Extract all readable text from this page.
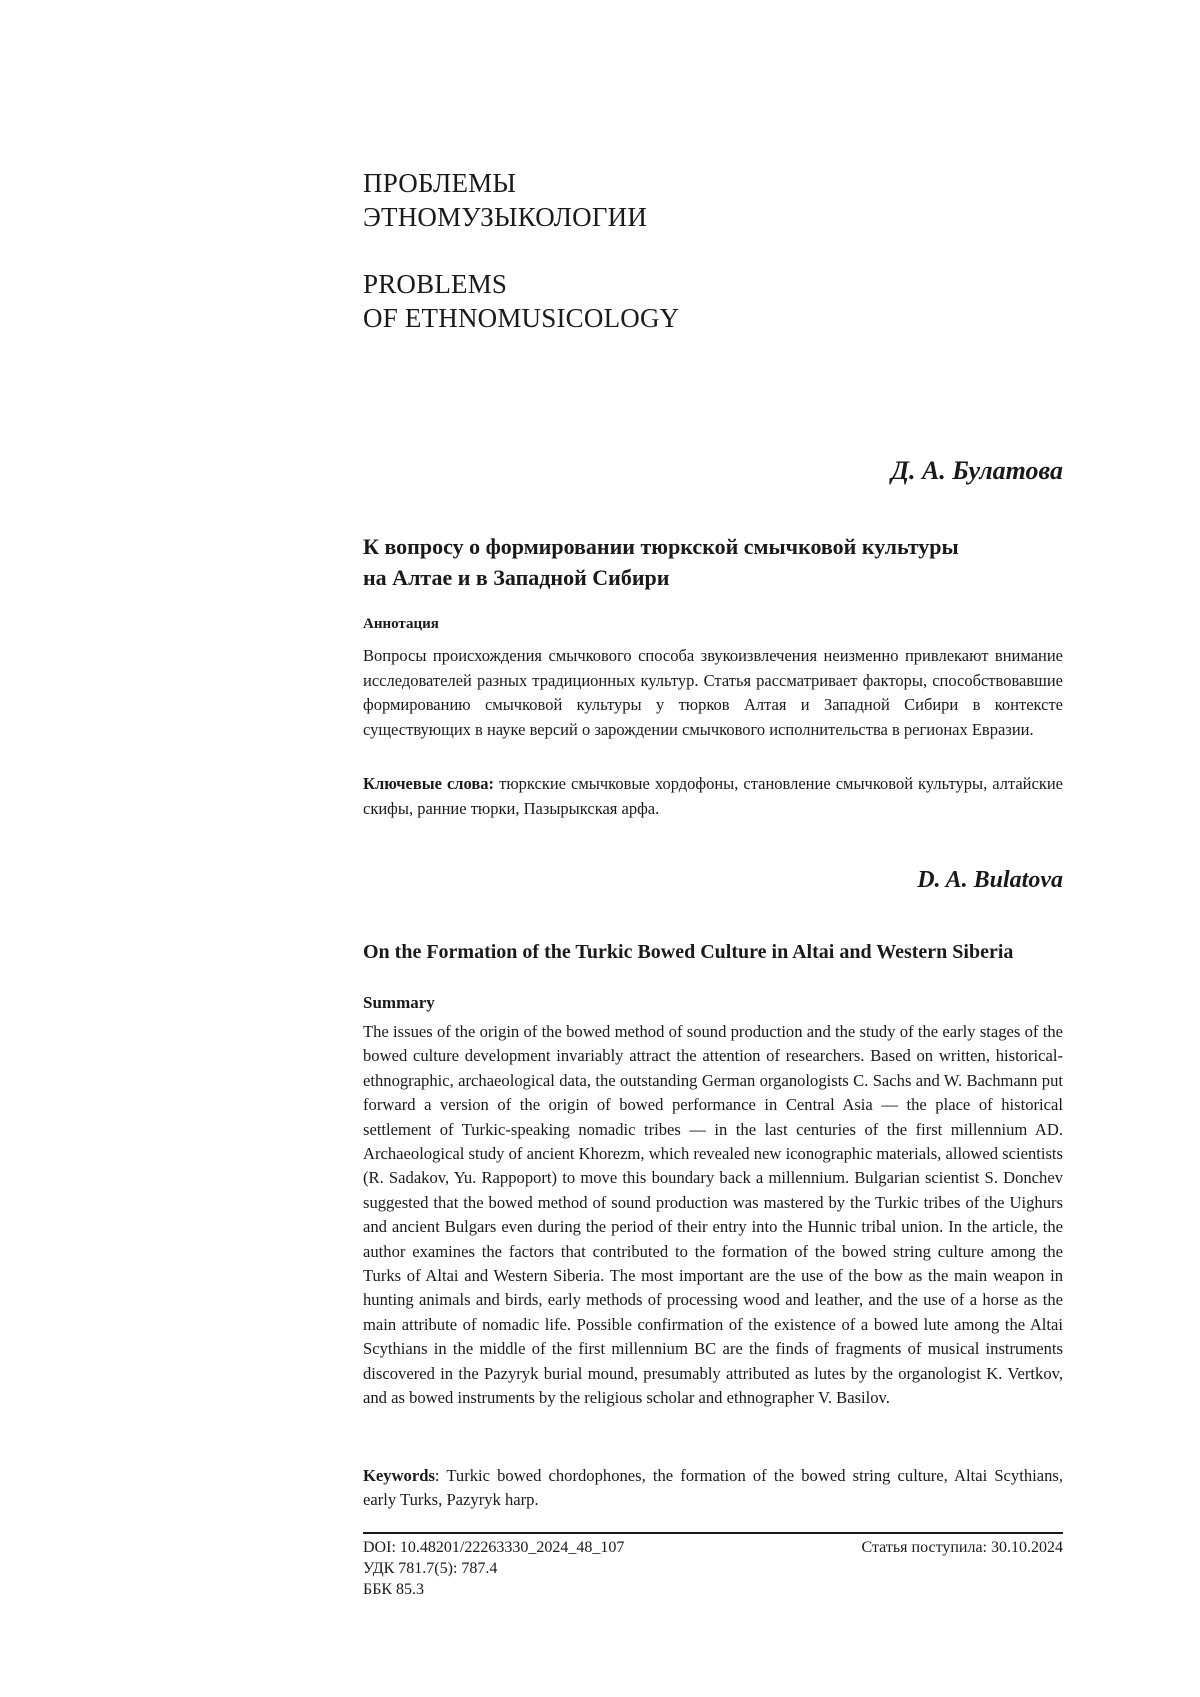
ПРОБЛЕМЫ
ЭТНОМУЗЫКОЛОГИИ
PROBLEMS
OF ETHNOMUSICOLOGY
Д. А. Булатова
К вопросу о формировании тюркской смычковой культуры
на Алтае и в Западной Сибири
Аннотация
Вопросы происхождения смычкового способа звукоизвлечения неизменно привлекают внимание исследователей разных традиционных культур. Статья рассматривает факторы, способствовавшие формированию смычковой культуры у тюрков Алтая и Западной Сибири в контексте существующих в науке версий о зарождении смычкового исполнительства в регионах Евразии.
Ключевые слова: тюркские смычковые хордофоны, становление смычковой культуры, алтайские скифы, ранние тюрки, Пазырыкская арфа.
D. A. Bulatova
On the Formation of the Turkic Bowed Culture in Altai and Western Siberia
Summary
The issues of the origin of the bowed method of sound production and the study of the early stages of the bowed culture development invariably attract the attention of researchers. Based on written, historical-ethnographic, archaeological data, the outstanding German organologists C. Sachs and W. Bachmann put forward a version of the origin of bowed performance in Central Asia — the place of historical settlement of Turkic-speaking nomadic tribes — in the last centuries of the first millennium AD. Archaeological study of ancient Khorezm, which revealed new iconographic materials, allowed scientists (R. Sadakov, Yu. Rappoport) to move this boundary back a millennium. Bulgarian scientist S. Donchev suggested that the bowed method of sound production was mastered by the Turkic tribes of the Uighurs and ancient Bulgars even during the period of their entry into the Hunnic tribal union. In the article, the author examines the factors that contributed to the formation of the bowed string culture among the Turks of Altai and Western Siberia. The most important are the use of the bow as the main weapon in hunting animals and birds, early methods of processing wood and leather, and the use of a horse as the main attribute of nomadic life. Possible confirmation of the existence of a bowed lute among the Altai Scythians in the middle of the first millennium BC are the finds of fragments of musical instruments discovered in the Pazyryk burial mound, presumably attributed as lutes by the organologist K. Vertkov, and as bowed instruments by the religious scholar and ethnographer V. Basilov.
Keywords: Turkic bowed chordophones, the formation of the bowed string culture, Altai Scythians, early Turks, Pazyryk harp.
DOI: 10.48201/22263330_2024_48_107
УДК 781.7(5): 787.4
ББК 85.3
Статья поступила: 30.10.2024
